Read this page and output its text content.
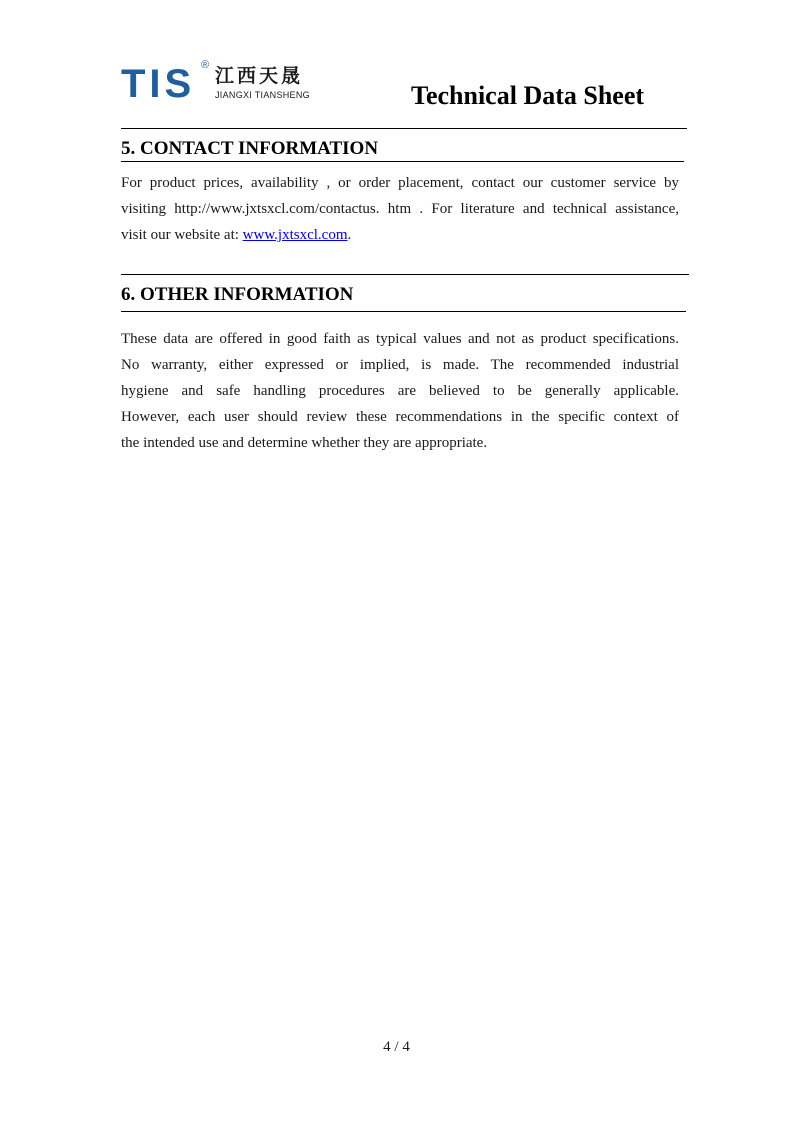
TIS ® 江西天晟
JIANGXI TIANSHENG	Technical Data Sheet
5. CONTACT INFORMATION
For product prices, availability , or order placement, contact our customer service by
visiting http://www.jxtsxcl.com/contactus. htm . For literature and technical assistance,
visit our website at: www.jxtsxcl.com.
6. OTHER INFORMATION
These data are offered in good faith as typical values and not as product specifications.
No warranty, either expressed or implied, is made. The recommended industrial
hygiene and safe handling procedures are believed to be generally applicable.
However, each user should review these recommendations in the specific context of
the intended use and determine whether they are appropriate.
4 / 4
